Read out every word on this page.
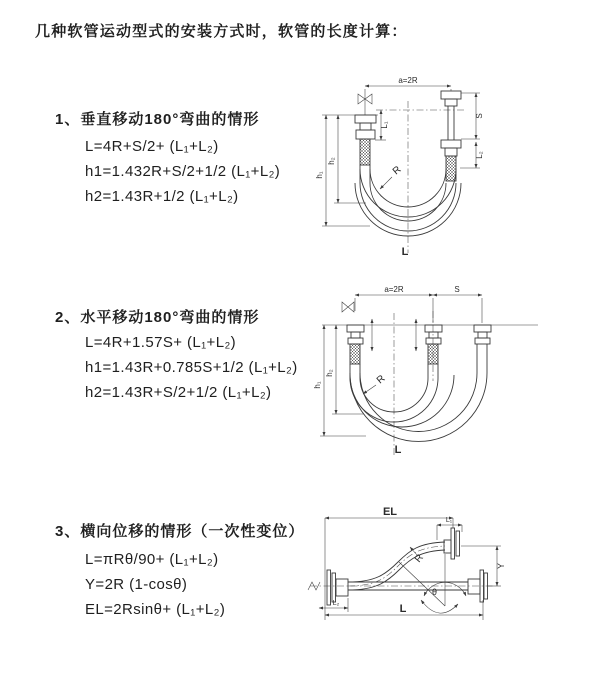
几种软管运动型式的安装方式时，软管的长度计算：
1、垂直移动180°弯曲的情形
L=4R+S/2+ (L₁+L₂)
h1=1.432R+S/2+1/2 (L₁+L₂)
h2=1.43R+1/2 (L₁+L₂)
2、水平移动180°弯曲的情形
L=4R+1.57S+ (L₁+L₂)
h1=1.43R+0.785S+1/2 (L₁+L₂)
h2=1.43R+S/2+1/2 (L₁+L₂)
3、横向位移的情形（一次性变位）
L=πRθ/90+ (L₁+L₂)
Y=2R (1-cosθ)
EL=2Rsinθ+ (L₁+L₂)
a=2R
S
L₂
L₁
h₁
h₂
R
L
a=2R	S
h₁
h₂
R
L
EL
L₁
R
θ
Y
L₂	L
